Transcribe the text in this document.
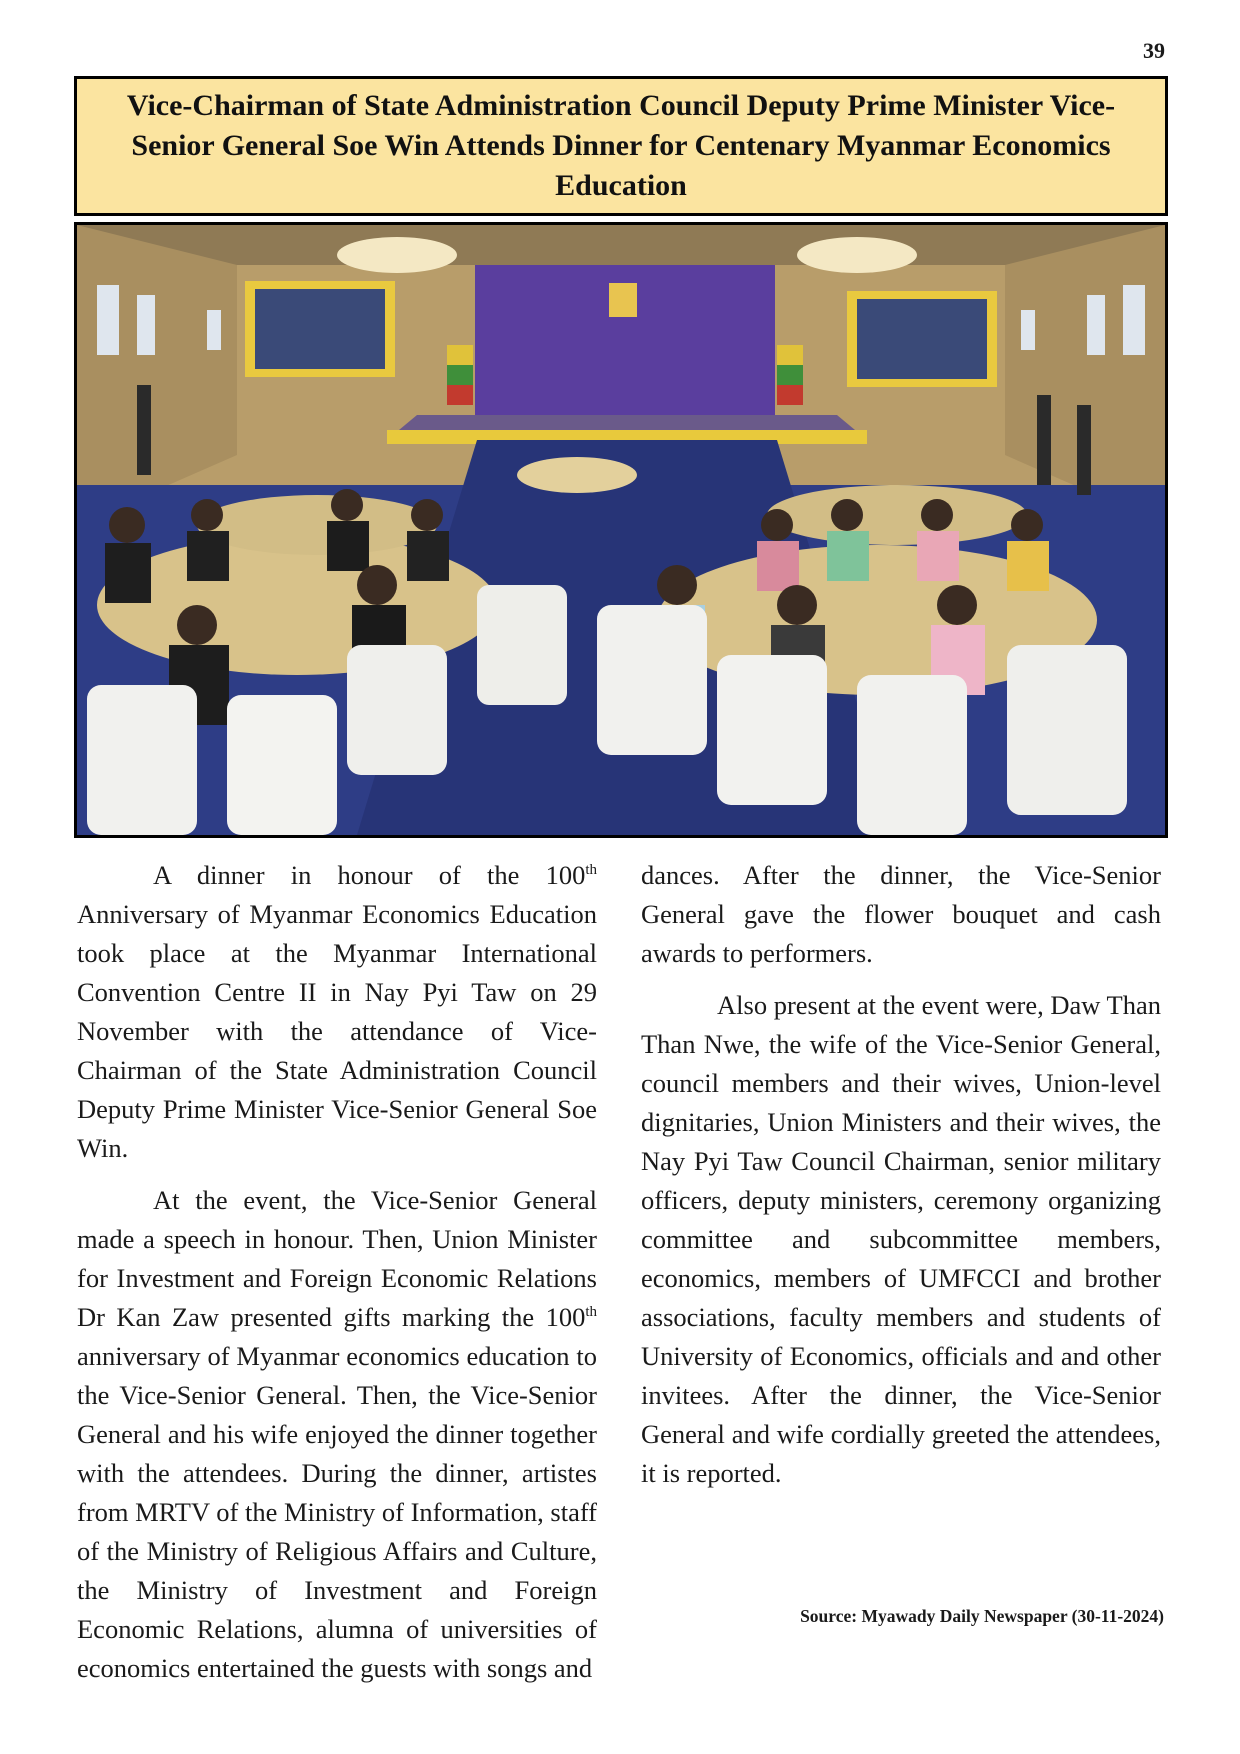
39
Vice-Chairman of State Administration Council Deputy Prime Minister Vice-Senior General Soe Win Attends Dinner for Centenary Myanmar Economics Education

A dinner in honour of the 100th Anniversary of Myanmar Economics Education took place at the Myanmar International Convention Centre II in Nay Pyi Taw on 29 November with the attendance of Vice-Chairman of the State Administration Council Deputy Prime Minister Vice-Senior General Soe Win.

At the event, the Vice-Senior General made a speech in honour. Then, Union Minister for Investment and Foreign Economic Relations Dr Kan Zaw presented gifts marking the 100th anniversary of Myanmar economics education to the Vice-Senior General. Then, the Vice-Senior General and his wife enjoyed the dinner together with the attendees. During the dinner, artistes from MRTV of the Ministry of Information, staff of the Ministry of Religious Affairs and Culture, the Ministry of Investment and Foreign Economic Relations, alumna of universities of economics entertained the guests with songs and

dances. After the dinner, the Vice-Senior General gave the flower bouquet and cash awards to performers.

Also present at the event were, Daw Than Than Nwe, the wife of the Vice-Senior General, council members and their wives, Union-level dignitaries, Union Ministers and their wives, the Nay Pyi Taw Council Chairman, senior military officers, deputy ministers, ceremony organizing committee and subcommittee members, economics, members of UMFCCI and brother associations, faculty members and students of University of Economics, officials and and other invitees. After the dinner, the Vice-Senior General and wife cordially greeted the attendees, it is reported.

Source: Myawady Daily Newspaper (30-11-2024)
